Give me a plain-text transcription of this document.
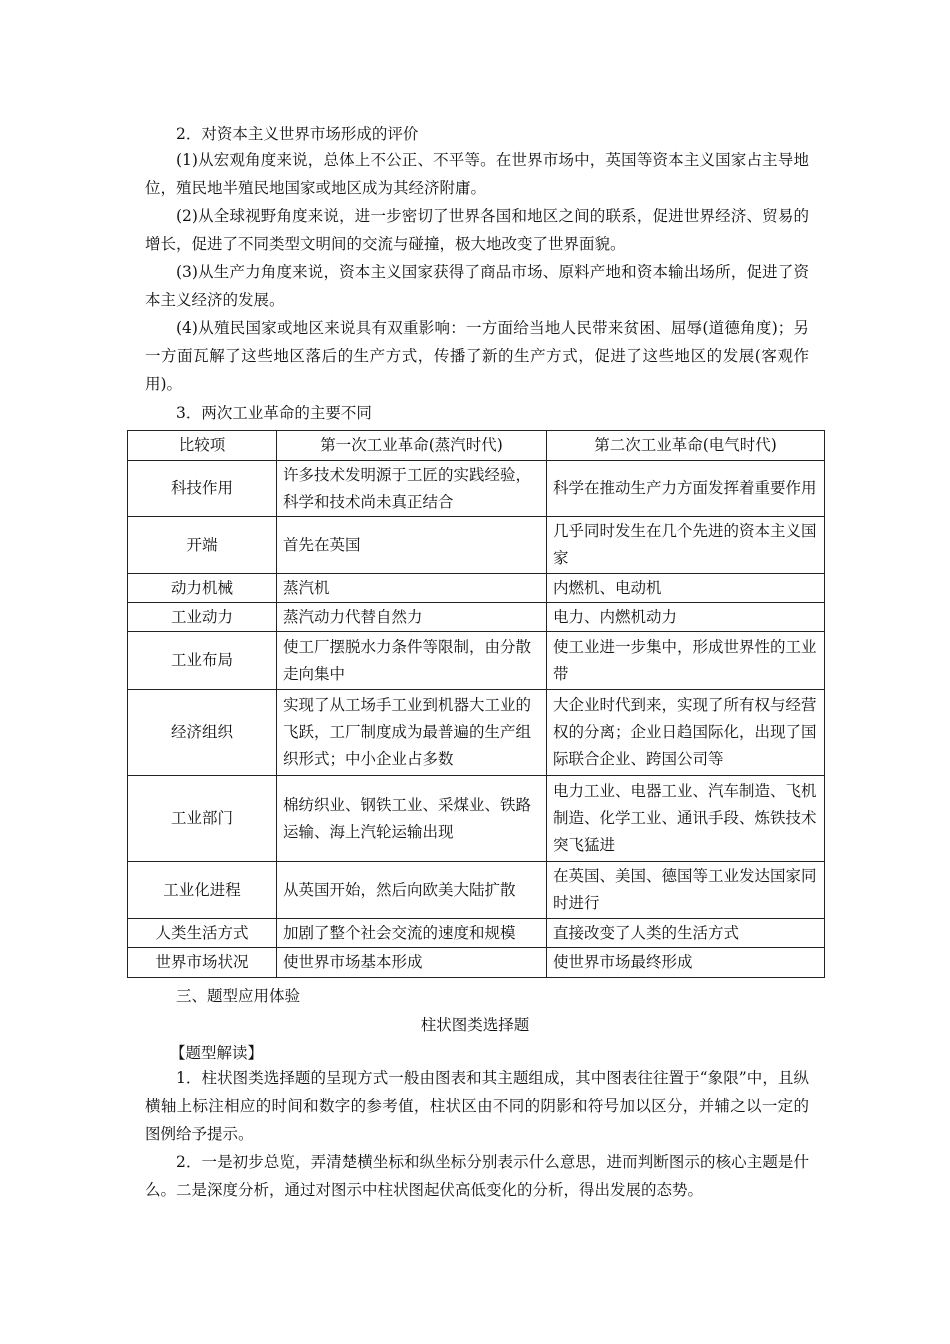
2．对资本主义世界市场形成的评价
(1)从宏观角度来说，总体上不公正、不平等。在世界市场中，英国等资本主义国家占主导地位，殖民地半殖民地国家或地区成为其经济附庸。
(2)从全球视野角度来说，进一步密切了世界各国和地区之间的联系，促进世界经济、贸易的增长，促进了不同类型文明间的交流与碰撞，极大地改变了世界面貌。
(3)从生产力角度来说，资本主义国家获得了商品市场、原料产地和资本输出场所，促进了资本主义经济的发展。
(4)从殖民国家或地区来说具有双重影响：一方面给当地人民带来贫困、屈辱(道德角度)；另一方面瓦解了这些地区落后的生产方式，传播了新的生产方式，促进了这些地区的发展(客观作用)。
3．两次工业革命的主要不同
比较项	第一次工业革命(蒸汽时代)	第二次工业革命(电气时代)
科技作用	许多技术发明源于工匠的实践经验，科学和技术尚未真正结合	科学在推动生产力方面发挥着重要作用
开端	首先在英国	几乎同时发生在几个先进的资本主义国家
动力机械	蒸汽机	内燃机、电动机
工业动力	蒸汽动力代替自然力	电力、内燃机动力
工业布局	使工厂摆脱水力条件等限制，由分散走向集中	使工业进一步集中，形成世界性的工业带
经济组织	实现了从工场手工业到机器大工业的飞跃，工厂制度成为最普遍的生产组织形式；中小企业占多数	大企业时代到来，实现了所有权与经营权的分离；企业日趋国际化，出现了国际联合企业、跨国公司等
工业部门	棉纺织业、钢铁工业、采煤业、铁路运输、海上汽轮运输出现	电力工业、电器工业、汽车制造、飞机制造、化学工业、通讯手段、炼铁技术突飞猛进
工业化进程	从英国开始，然后向欧美大陆扩散	在英国、美国、德国等工业发达国家同时进行
人类生活方式	加剧了整个社会交流的速度和规模	直接改变了人类的生活方式
世界市场状况	使世界市场基本形成	使世界市场最终形成
三、题型应用体验
柱状图类选择题
【题型解读】
1．柱状图类选择题的呈现方式一般由图表和其主题组成，其中图表往往置于“象限”中，且纵横轴上标注相应的时间和数字的参考值，柱状区由不同的阴影和符号加以区分，并辅之以一定的图例给予提示。
2．一是初步总览，弄清楚横坐标和纵坐标分别表示什么意思，进而判断图示的核心主题是什么。二是深度分析，通过对图示中柱状图起伏高低变化的分析，得出发展的态势。
